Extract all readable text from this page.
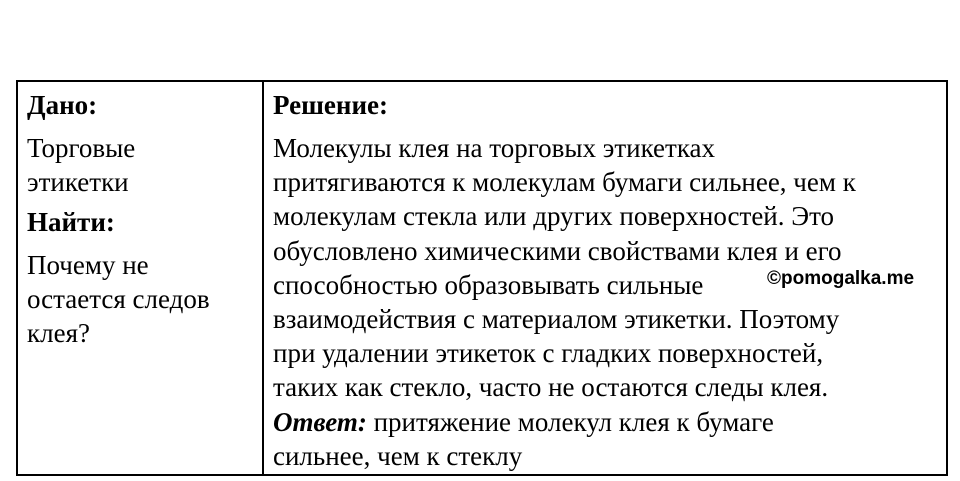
Дано:
Торговые
этикетки
Найти:
Почему не
остается следов
клея?
Решение:
Молекулы клея на торговых этикетках
притягиваются к молекулам бумаги сильнее, чем к
молекулам стекла или других поверхностей. Это
обусловлено химическими свойствами клея и его
способностью образовывать сильные
взаимодействия с материалом этикетки. Поэтому
при удалении этикеток с гладких поверхностей,
таких как стекло, часто не остаются следы клея.
Ответ: притяжение молекул клея к бумаге
сильнее, чем к стеклу
©pomogalka.me
